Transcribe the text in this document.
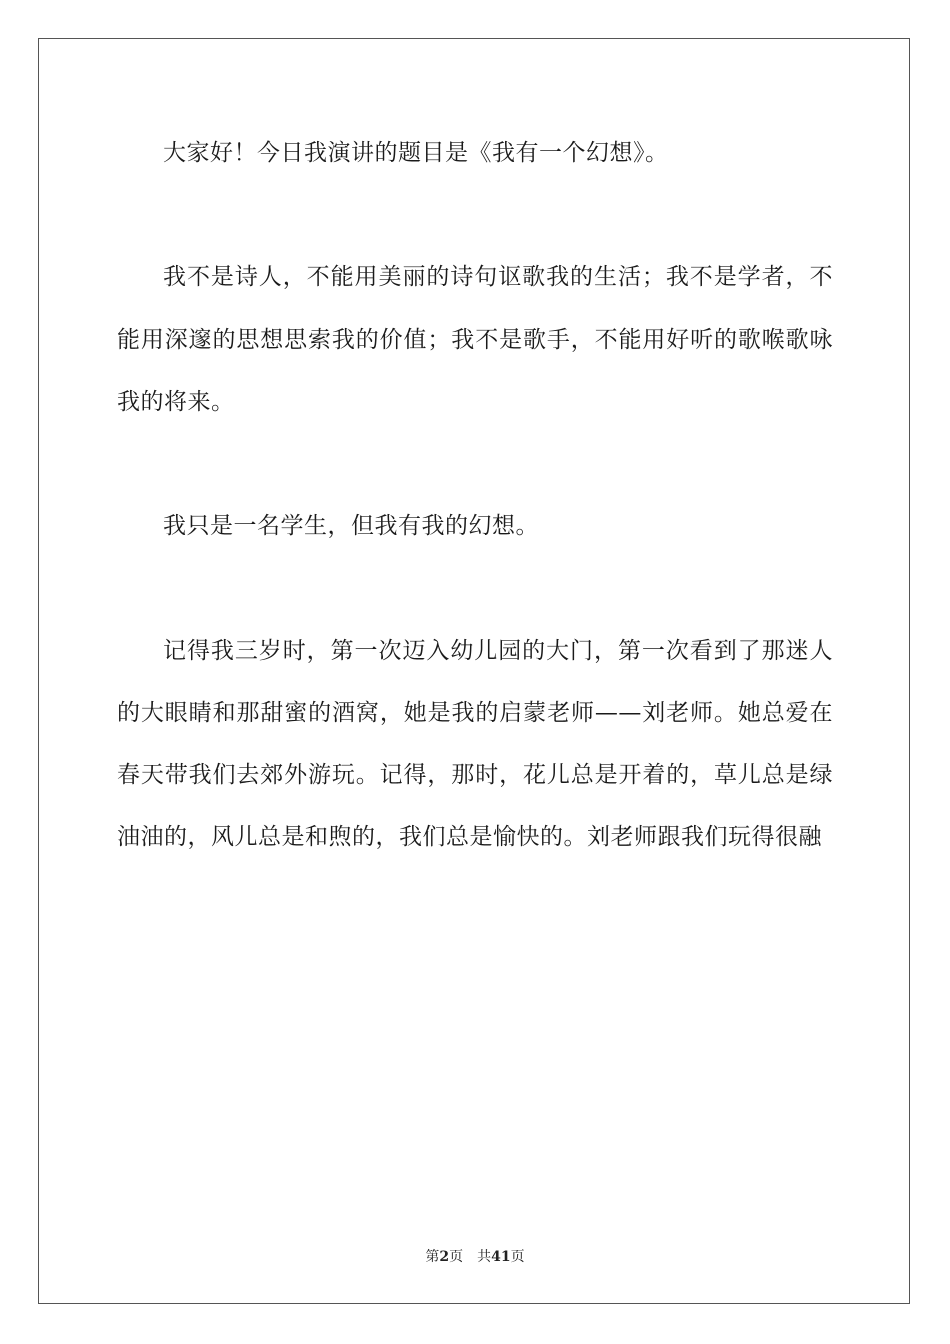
大家好！今日我演讲的题目是《我有一个幻想》。

我不是诗人，不能用美丽的诗句讴歌我的生活；我不是学者，不能用深邃的思想思索我的价值；我不是歌手，不能用好听的歌喉歌咏我的将来。

我只是一名学生，但我有我的幻想。

记得我三岁时，第一次迈入幼儿园的大门，第一次看到了那迷人的大眼睛和那甜蜜的酒窝，她是我的启蒙老师——刘老师。她总爱在春天带我们去郊外游玩。记得，那时，花儿总是开着的，草儿总是绿油油的，风儿总是和煦的，我们总是愉快的。刘老师跟我们玩得很融

第2页 共41页
